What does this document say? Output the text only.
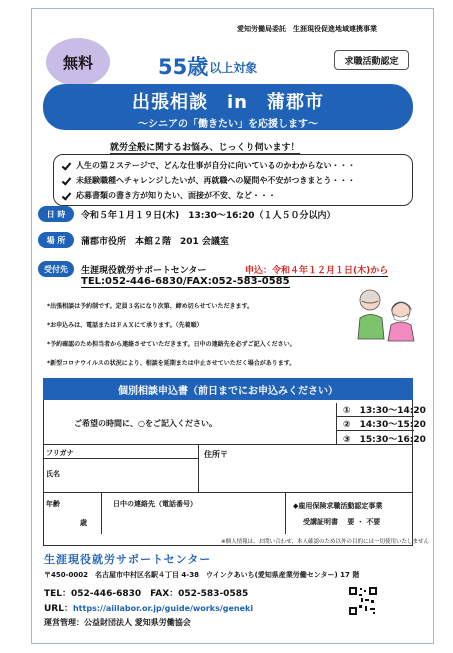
愛知労働局委託　生涯現役促進地域連携事業
無料	55歳 以上対象	求職活動認定
出張相談　in　蒲郡市
〜シニアの「働きたい」を応援します〜
就労全般に関するお悩み、じっくり伺います！
人生の第２ステージで、どんな仕事が自分に向いているのかわからない・・・
未経験職種へチャレンジしたいが、再就職への疑問や不安がつきまとう・・・
応募書類の書き方が知りたい、面接が不安、など・・・
日 時	令和５年１月１９日(木)　13:30〜16:20（１人５０分以内）
場 所	蒲郡市役所　本館２階　201 会議室
受付先	生涯現役就労サポートセンター	申込：令和４年１２月１日(木)から
TEL:052-446-6830/FAX:052-583-0585
*出張相談は予約制です。定員３名になり次第、締め切らせていただきます。
*お申込みは、電話またはＦＡＸにて承ります。（先着順）
*予約確認のため担当者から連絡させていただきます。日中の連絡先を必ずご記入ください。
*新型コロナウイルスの状況により、相談を延期または中止させていただく場合があります。
個別相談申込書（前日までにお申込みください）
ご希望の時間に、○をご記入ください。
①　13:30〜14:20
②　14:30〜15:20
③　15:30〜16:20
フリガナ
氏名
住所〒
年齢
歳
日中の連絡先（電話番号）	◆雇用保険求職活動認定事業
受講証明書　 要 ・ 不要
※個人情報は、お問い合わせ、本人確認のため以外の目的には一切使用いたしません
生涯現役就労サポートセンター
〒450-0002　名古屋市中村区名駅４丁目 4-38　ウインクあいち(愛知県産業労働センター) 17 階
TEL：052-446-6830　FAX：052-583-0585
URL：https://aiilabor.or.jp/guide/works/geneki
運営管理：公益財団法人 愛知県労働協会
